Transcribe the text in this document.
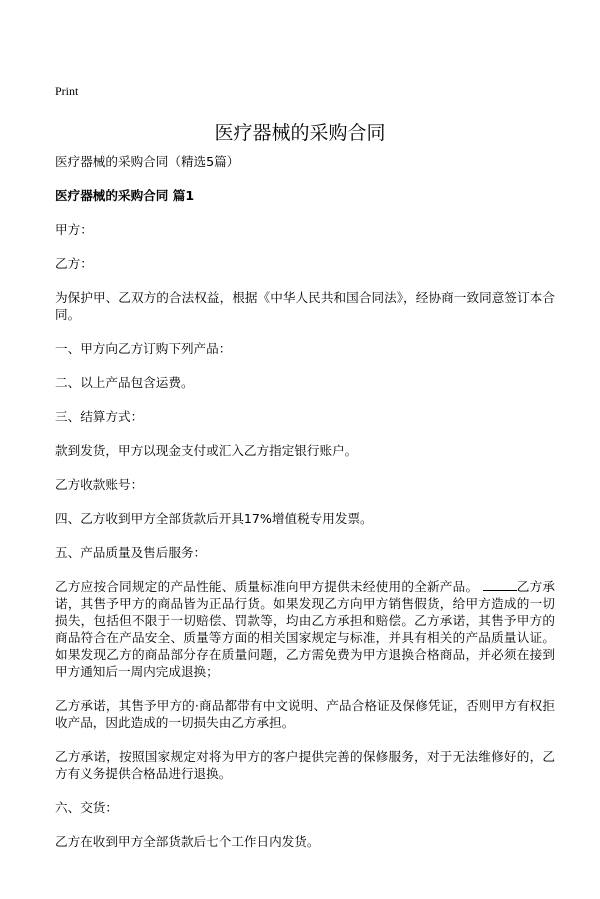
Print
医疗器械的采购合同

医疗器械的采购合同（精选5篇）

医疗器械的采购合同 篇1

甲方：

乙方：

为保护甲、乙双方的合法权益，根据《中华人民共和国合同法》，经协商一致同意签订本合同。

一、甲方向乙方订购下列产品：

二、以上产品包含运费。

三、结算方式：

款到发货，甲方以现金支付或汇入乙方指定银行账户。

乙方收款账号：

四、乙方收到甲方全部货款后开具17%增值税专用发票。

五、产品质量及售后服务：

乙方应按合同规定的产品性能、质量标准向甲方提供未经使用的全新产品。	乙方承诺，其售予甲方的商品皆为正品行货。如果发现乙方向甲方销售假货，给甲方造成的一切损失，包括但不限于一切赔偿、罚款等，均由乙方承担和赔偿。乙方承诺，其售予甲方的商品符合在产品安全、质量等方面的相关国家规定与标准，并具有相关的产品质量认证。如果发现乙方的商品部分存在质量问题，乙方需免费为甲方退换合格商品，并必须在接到甲方通知后一周内完成退换；

乙方承诺，其售予甲方的·商品都带有中文说明、产品合格证及保修凭证，否则甲方有权拒收产品，因此造成的一切损失由乙方承担。

乙方承诺，按照国家规定对将为甲方的客户提供完善的保修服务，对于无法维修好的，乙方有义务提供合格品进行退换。

六、交货：

乙方在收到甲方全部货款后七个工作日内发货。
